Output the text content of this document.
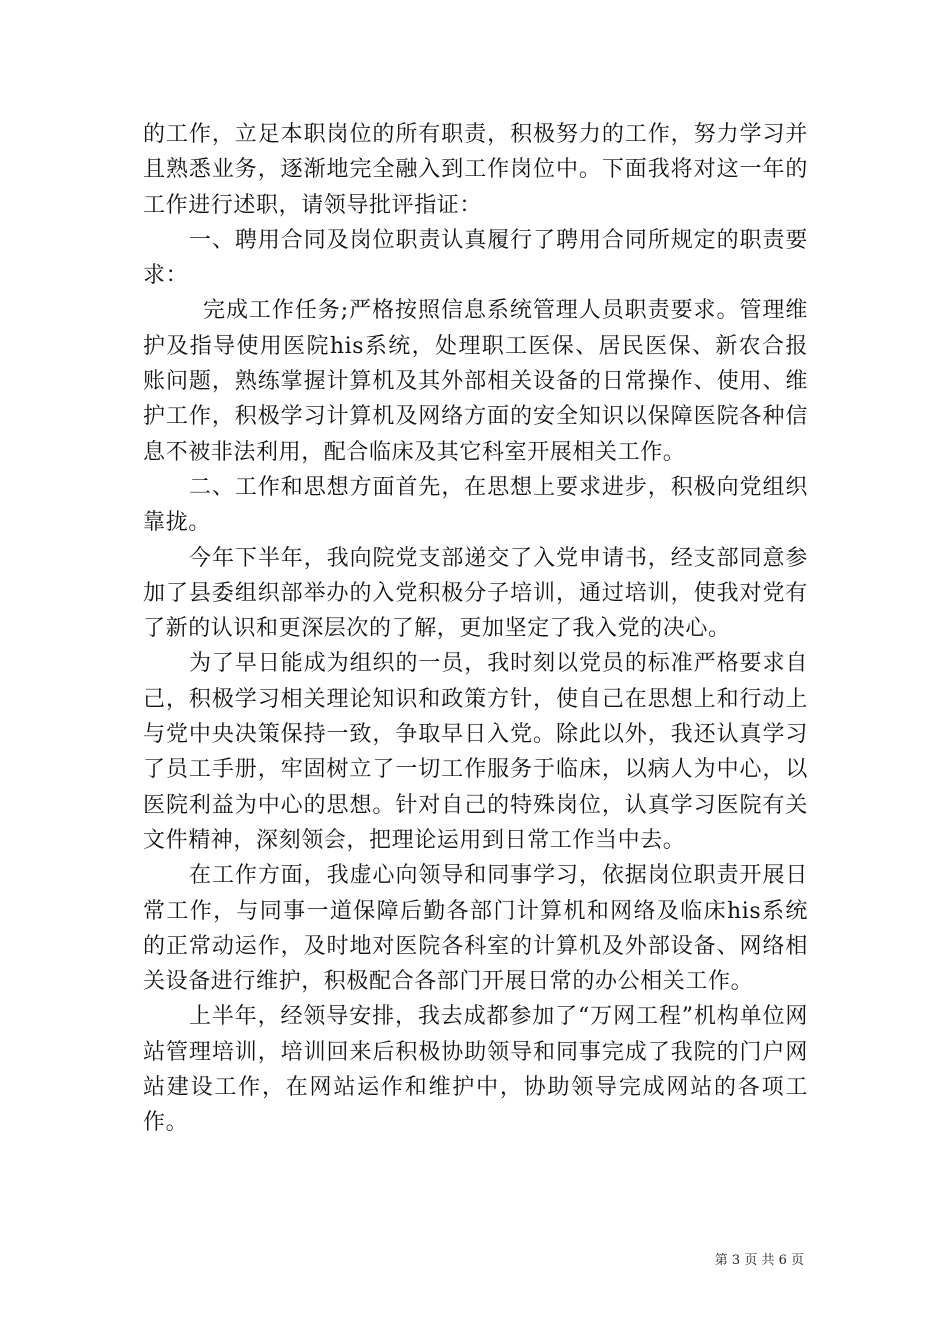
的工作，立足本职岗位的所有职责，积极努力的工作，努力学习并且熟悉业务，逐渐地完全融入到工作岗位中。下面我将对这一年的工作进行述职，请领导批评指证：

一、聘用合同及岗位职责认真履行了聘用合同所规定的职责要求：

完成工作任务;严格按照信息系统管理人员职责要求。管理维护及指导使用医院his系统，处理职工医保、居民医保、新农合报账问题，熟练掌握计算机及其外部相关设备的日常操作、使用、维护工作，积极学习计算机及网络方面的安全知识以保障医院各种信息不被非法利用，配合临床及其它科室开展相关工作。

二、工作和思想方面首先，在思想上要求进步，积极向党组织靠拢。

今年下半年，我向院党支部递交了入党申请书，经支部同意参加了县委组织部举办的入党积极分子培训，通过培训，使我对党有了新的认识和更深层次的了解，更加坚定了我入党的决心。

为了早日能成为组织的一员，我时刻以党员的标准严格要求自己，积极学习相关理论知识和政策方针，使自己在思想上和行动上与党中央决策保持一致，争取早日入党。除此以外，我还认真学习了员工手册，牢固树立了一切工作服务于临床，以病人为中心，以医院利益为中心的思想。针对自己的特殊岗位，认真学习医院有关文件精神，深刻领会，把理论运用到日常工作当中去。

在工作方面，我虚心向领导和同事学习，依据岗位职责开展日常工作，与同事一道保障后勤各部门计算机和网络及临床his系统的正常动运作，及时地对医院各科室的计算机及外部设备、网络相关设备进行维护，积极配合各部门开展日常的办公相关工作。

上半年，经领导安排，我去成都参加了“万网工程”机构单位网站管理培训，培训回来后积极协助领导和同事完成了我院的门户网站建设工作，在网站运作和维护中，协助领导完成网站的各项工作。

第 3 页 共 6 页
